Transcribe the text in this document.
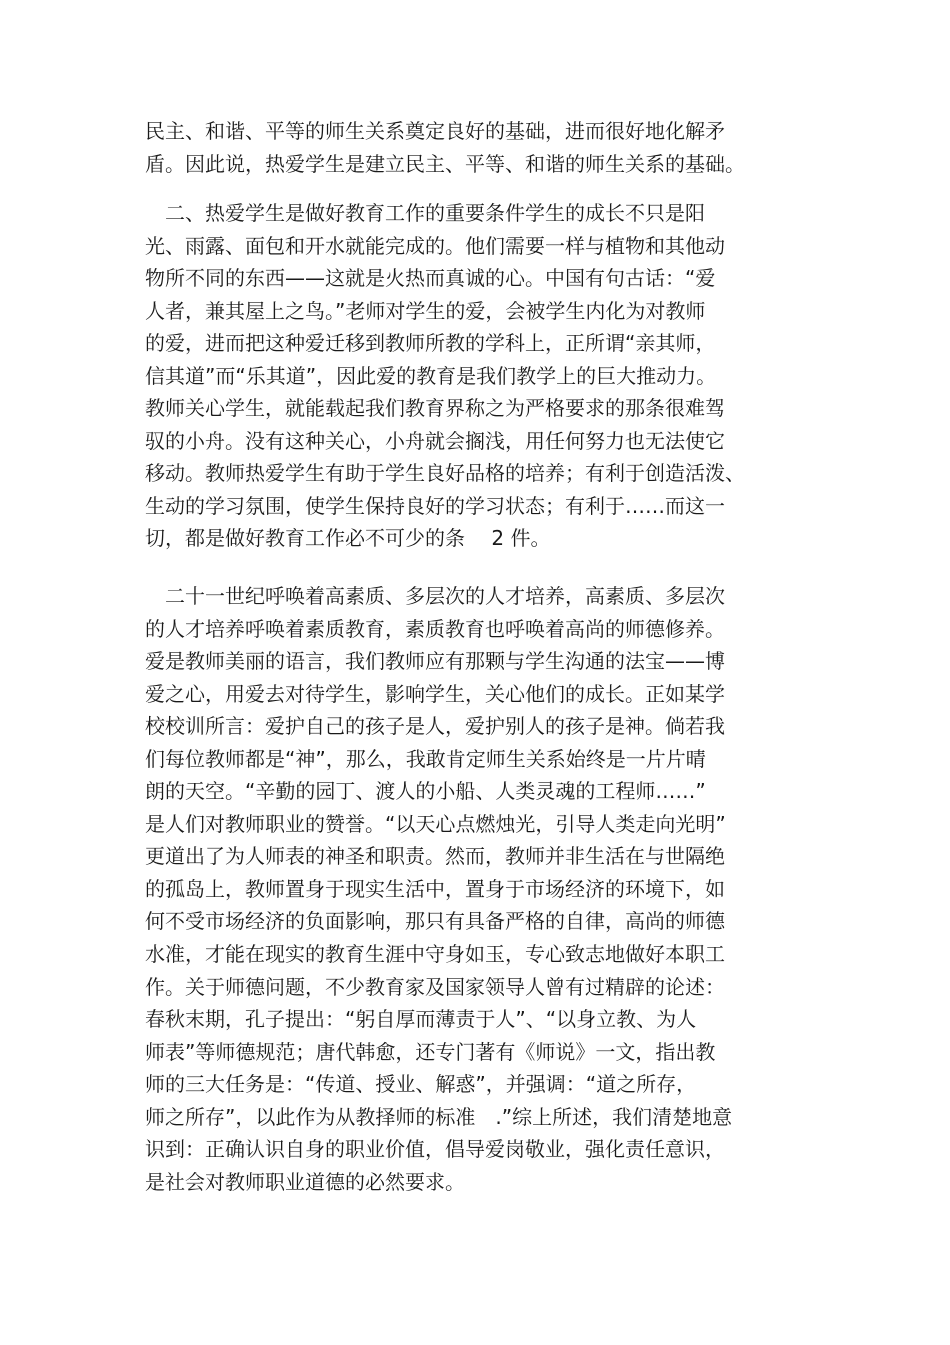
民主、和谐、平等的师生关系奠定良好的基础，进而很好地化解矛
盾。因此说，热爱学生是建立民主、平等、和谐的师生关系的基础。

　二、热爱学生是做好教育工作的重要条件学生的成长不只是阳
光、雨露、面包和开水就能完成的。他们需要一样与植物和其他动
物所不同的东西——这就是火热而真诚的心。中国有句古话：“爱
人者，兼其屋上之鸟。”老师对学生的爱，会被学生内化为对教师
的爱，进而把这种爱迁移到教师所教的学科上，正所谓“亲其师，
信其道”而“乐其道”，因此爱的教育是我们教学上的巨大推动力。
教师关心学生，就能载起我们教育界称之为严格要求的那条很难驾
驭的小舟。没有这种关心，小舟就会搁浅，用任何努力也无法使它
移动。教师热爱学生有助于学生良好品格的培养；有利于创造活泼、
生动的学习氛围，使学生保持良好的学习状态；有利于……而这一
切，都是做好教育工作必不可少的条　 2 件。

　二十一世纪呼唤着高素质、多层次的人才培养，高素质、多层次
的人才培养呼唤着素质教育，素质教育也呼唤着高尚的师德修养。
爱是教师美丽的语言，我们教师应有那颗与学生沟通的法宝——博
爱之心，用爱去对待学生，影响学生，关心他们的成长。正如某学
校校训所言：爱护自己的孩子是人，爱护别人的孩子是神。倘若我
们每位教师都是“神”，那么，我敢肯定师生关系始终是一片片晴
朗的天空。“辛勤的园丁、渡人的小船、人类灵魂的工程师……”
是人们对教师职业的赞誉。“以天心点燃烛光，引导人类走向光明”
更道出了为人师表的神圣和职责。然而，教师并非生活在与世隔绝
的孤岛上，教师置身于现实生活中，置身于市场经济的环境下，如
何不受市场经济的负面影响，那只有具备严格的自律，高尚的师德
水准，才能在现实的教育生涯中守身如玉，专心致志地做好本职工
作。关于师德问题，不少教育家及国家领导人曾有过精辟的论述：
春秋末期，孔子提出：“躬自厚而薄责于人”、“以身立教、为人
师表”等师德规范；唐代韩愈，还专门著有《师说》一文，指出教
师的三大任务是：“传道、授业、解惑”，并强调：“道之所存，
师之所存”，以此作为从教择师的标准　.”综上所述，我们清楚地意
识到：正确认识自身的职业价值，倡导爱岗敬业，强化责任意识，
是社会对教师职业道德的必然要求。
